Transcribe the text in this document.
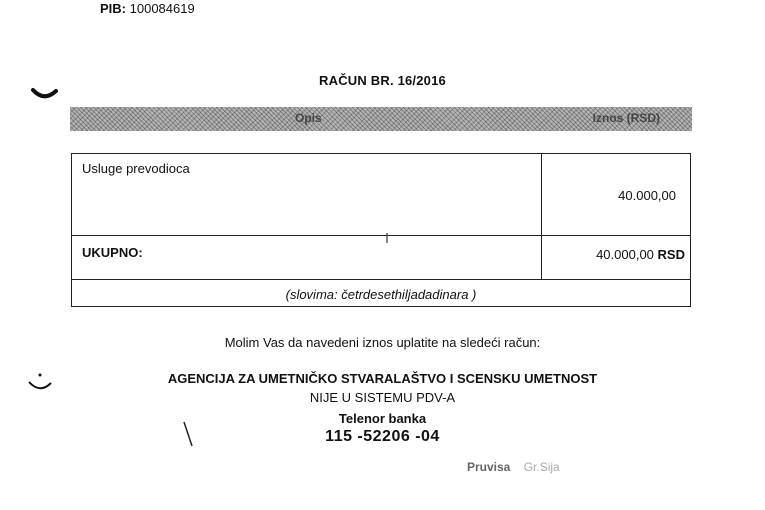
PIB: 100084619
RAČUN BR. 16/2016
Opis	Iznos (RSD)
Usluge prevodioca
40.000,00
UKUPNO:	40.000,00 RSD
(slovima: četrdesethiljadadinara )
Molim Vas da navedeni iznos uplatite na sledeći račun:
AGENCIJA ZA UMETNIČKO STVARALAŠTVO I SCENSKU UMETNOST
NIJE U SISTEMU PDV-A
Telenor banka
115 -52206 -04
Pruvisa Gr.Sija
